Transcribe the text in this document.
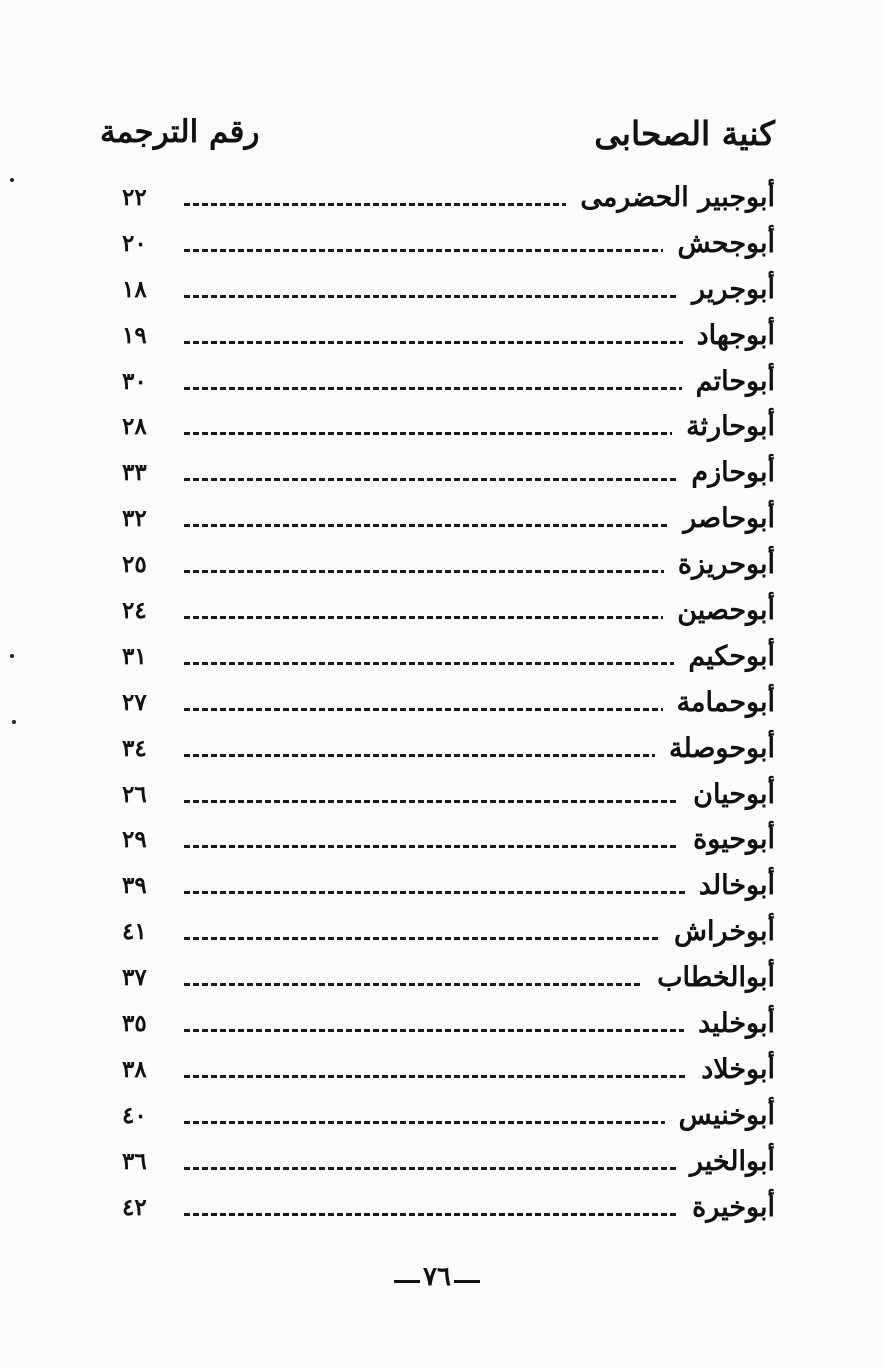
كنية الصحابى
رقم الترجمة
أبوجبير الحضرمى
٢٢
أبوجحش
٢٠
أبوجرير
١٨
أبوجهاد
١٩
أبوحاتم
٣٠
أبوحارثة
٢٨
أبوحازم
٣٣
أبوحاصر
٣٢
أبوحريزة
٢٥
أبوحصين
٢٤
أبوحكيم
٣١
أبوحمامة
٢٧
أبوحوصلة
٣٤
أبوحيان
٢٦
أبوحيوة
٢٩
أبوخالد
٣٩
أبوخراش
٤١
أبوالخطاب
٣٧
أبوخليد
٣٥
أبوخلاد
٣٨
أبوخنيس
٤٠
أبوالخير
٣٦
أبوخيرة
٤٢
٧٦
